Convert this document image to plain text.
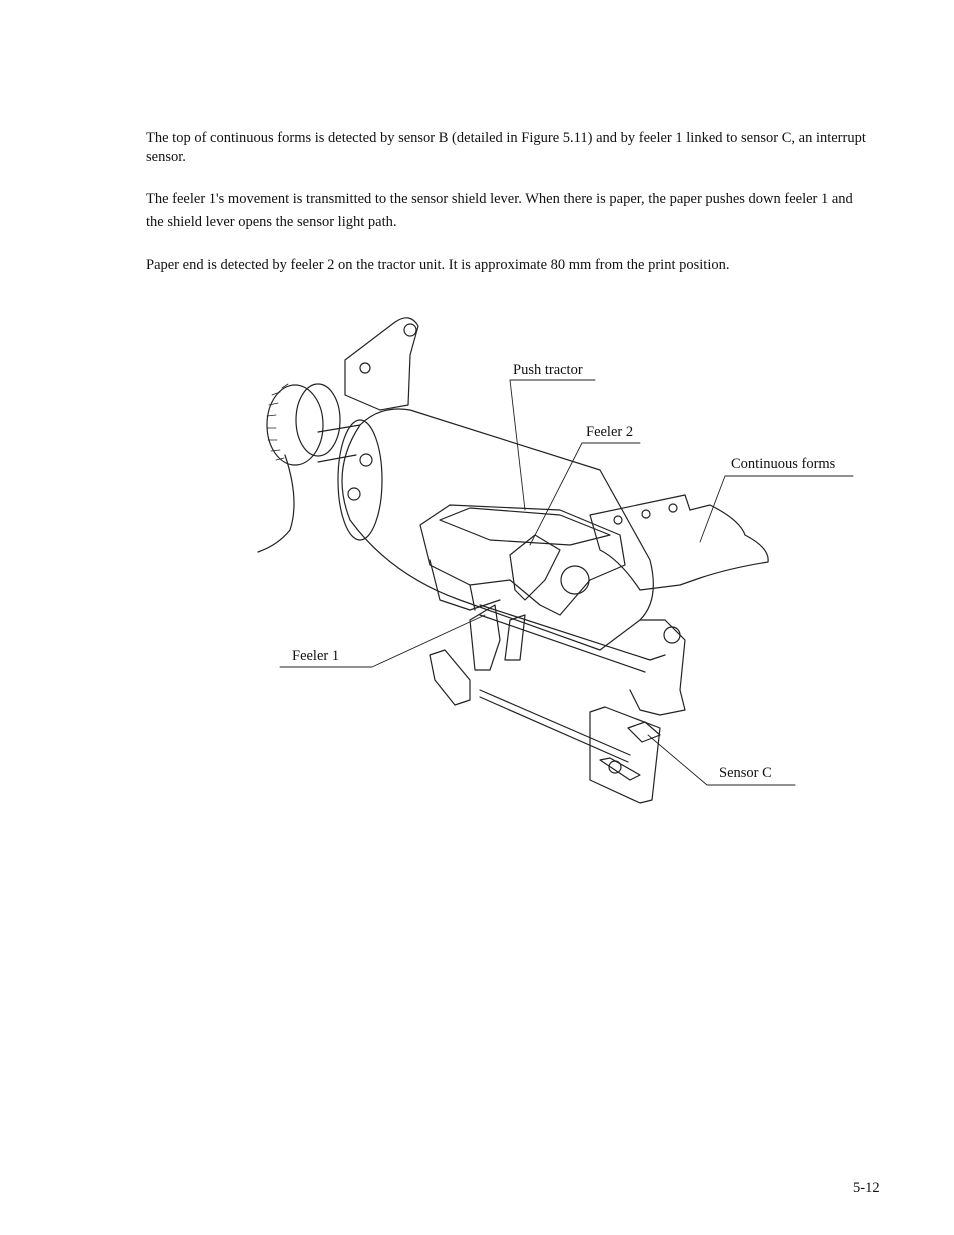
The top of continuous forms is detected by sensor B (detailed in Figure 5.11) and by feeler 1 linked to sensor C, an interrupt sensor.

The feeler 1's movement is transmitted to the sensor shield lever. When there is paper, the paper pushes down feeler 1 and the shield lever opens the sensor light path.

Paper end is detected by feeler 2 on the tractor unit. It is approximate 80 mm from the print position.

Push tractor
Feeler 2
Continuous forms
Feeler 1
Sensor C
5-12
